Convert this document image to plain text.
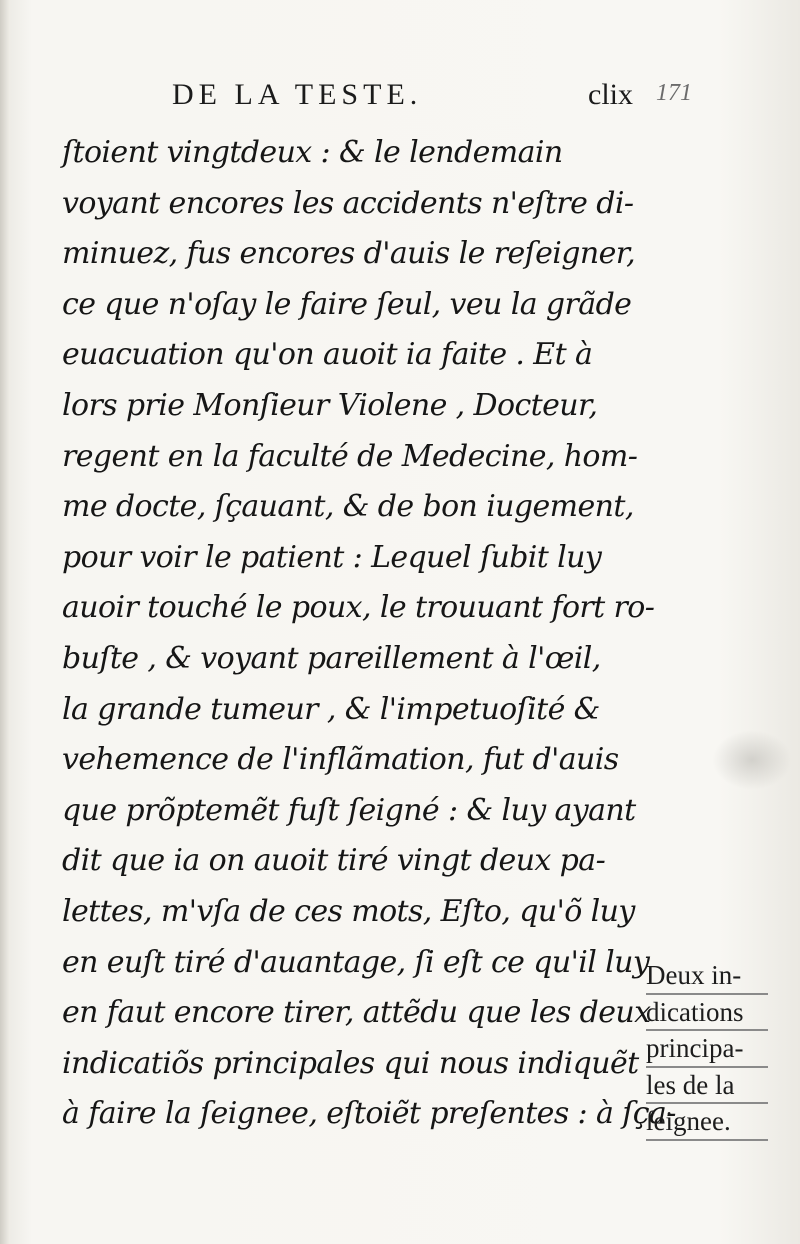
DE LA TESTE.	clix 171
ſtoient vingtdeux : & le lendemain
voyant encores les accidents n'eſtre di-
minuez, fus encores d'auis le reſeigner,
ce que n'oſay le faire ſeul, veu la grãde
euacuation qu'on auoit ia faite . Et à
lors prie Monſieur Violene , Docteur,
regent en la faculté de Medecine, hom-
me docte, ſçauant, & de bon iugement,
pour voir le patient : Lequel ſubit luy
auoir touché le poux, le trouuant fort ro-
buſte , & voyant pareillement à l'œil,
la grande tumeur , & l'impetuoſité &
vehemence de l'inflãmation, fut d'auis
que prõptemẽt fuſt ſeigné : & luy ayant
dit que ia on auoit tiré vingt deux pa-
lettes, m'vſa de ces mots, Eſto, qu'õ luy
en euſt tiré d'auantage, ſi eſt ce qu'il luy
en faut encore tirer, attẽdu que les deux
indicatiõs principales qui nous indiquẽt
à faire la ſeignee, eſtoiẽt preſentes : à ſça-
Deux in-
dications
principa-
les de la
ſeignee.
